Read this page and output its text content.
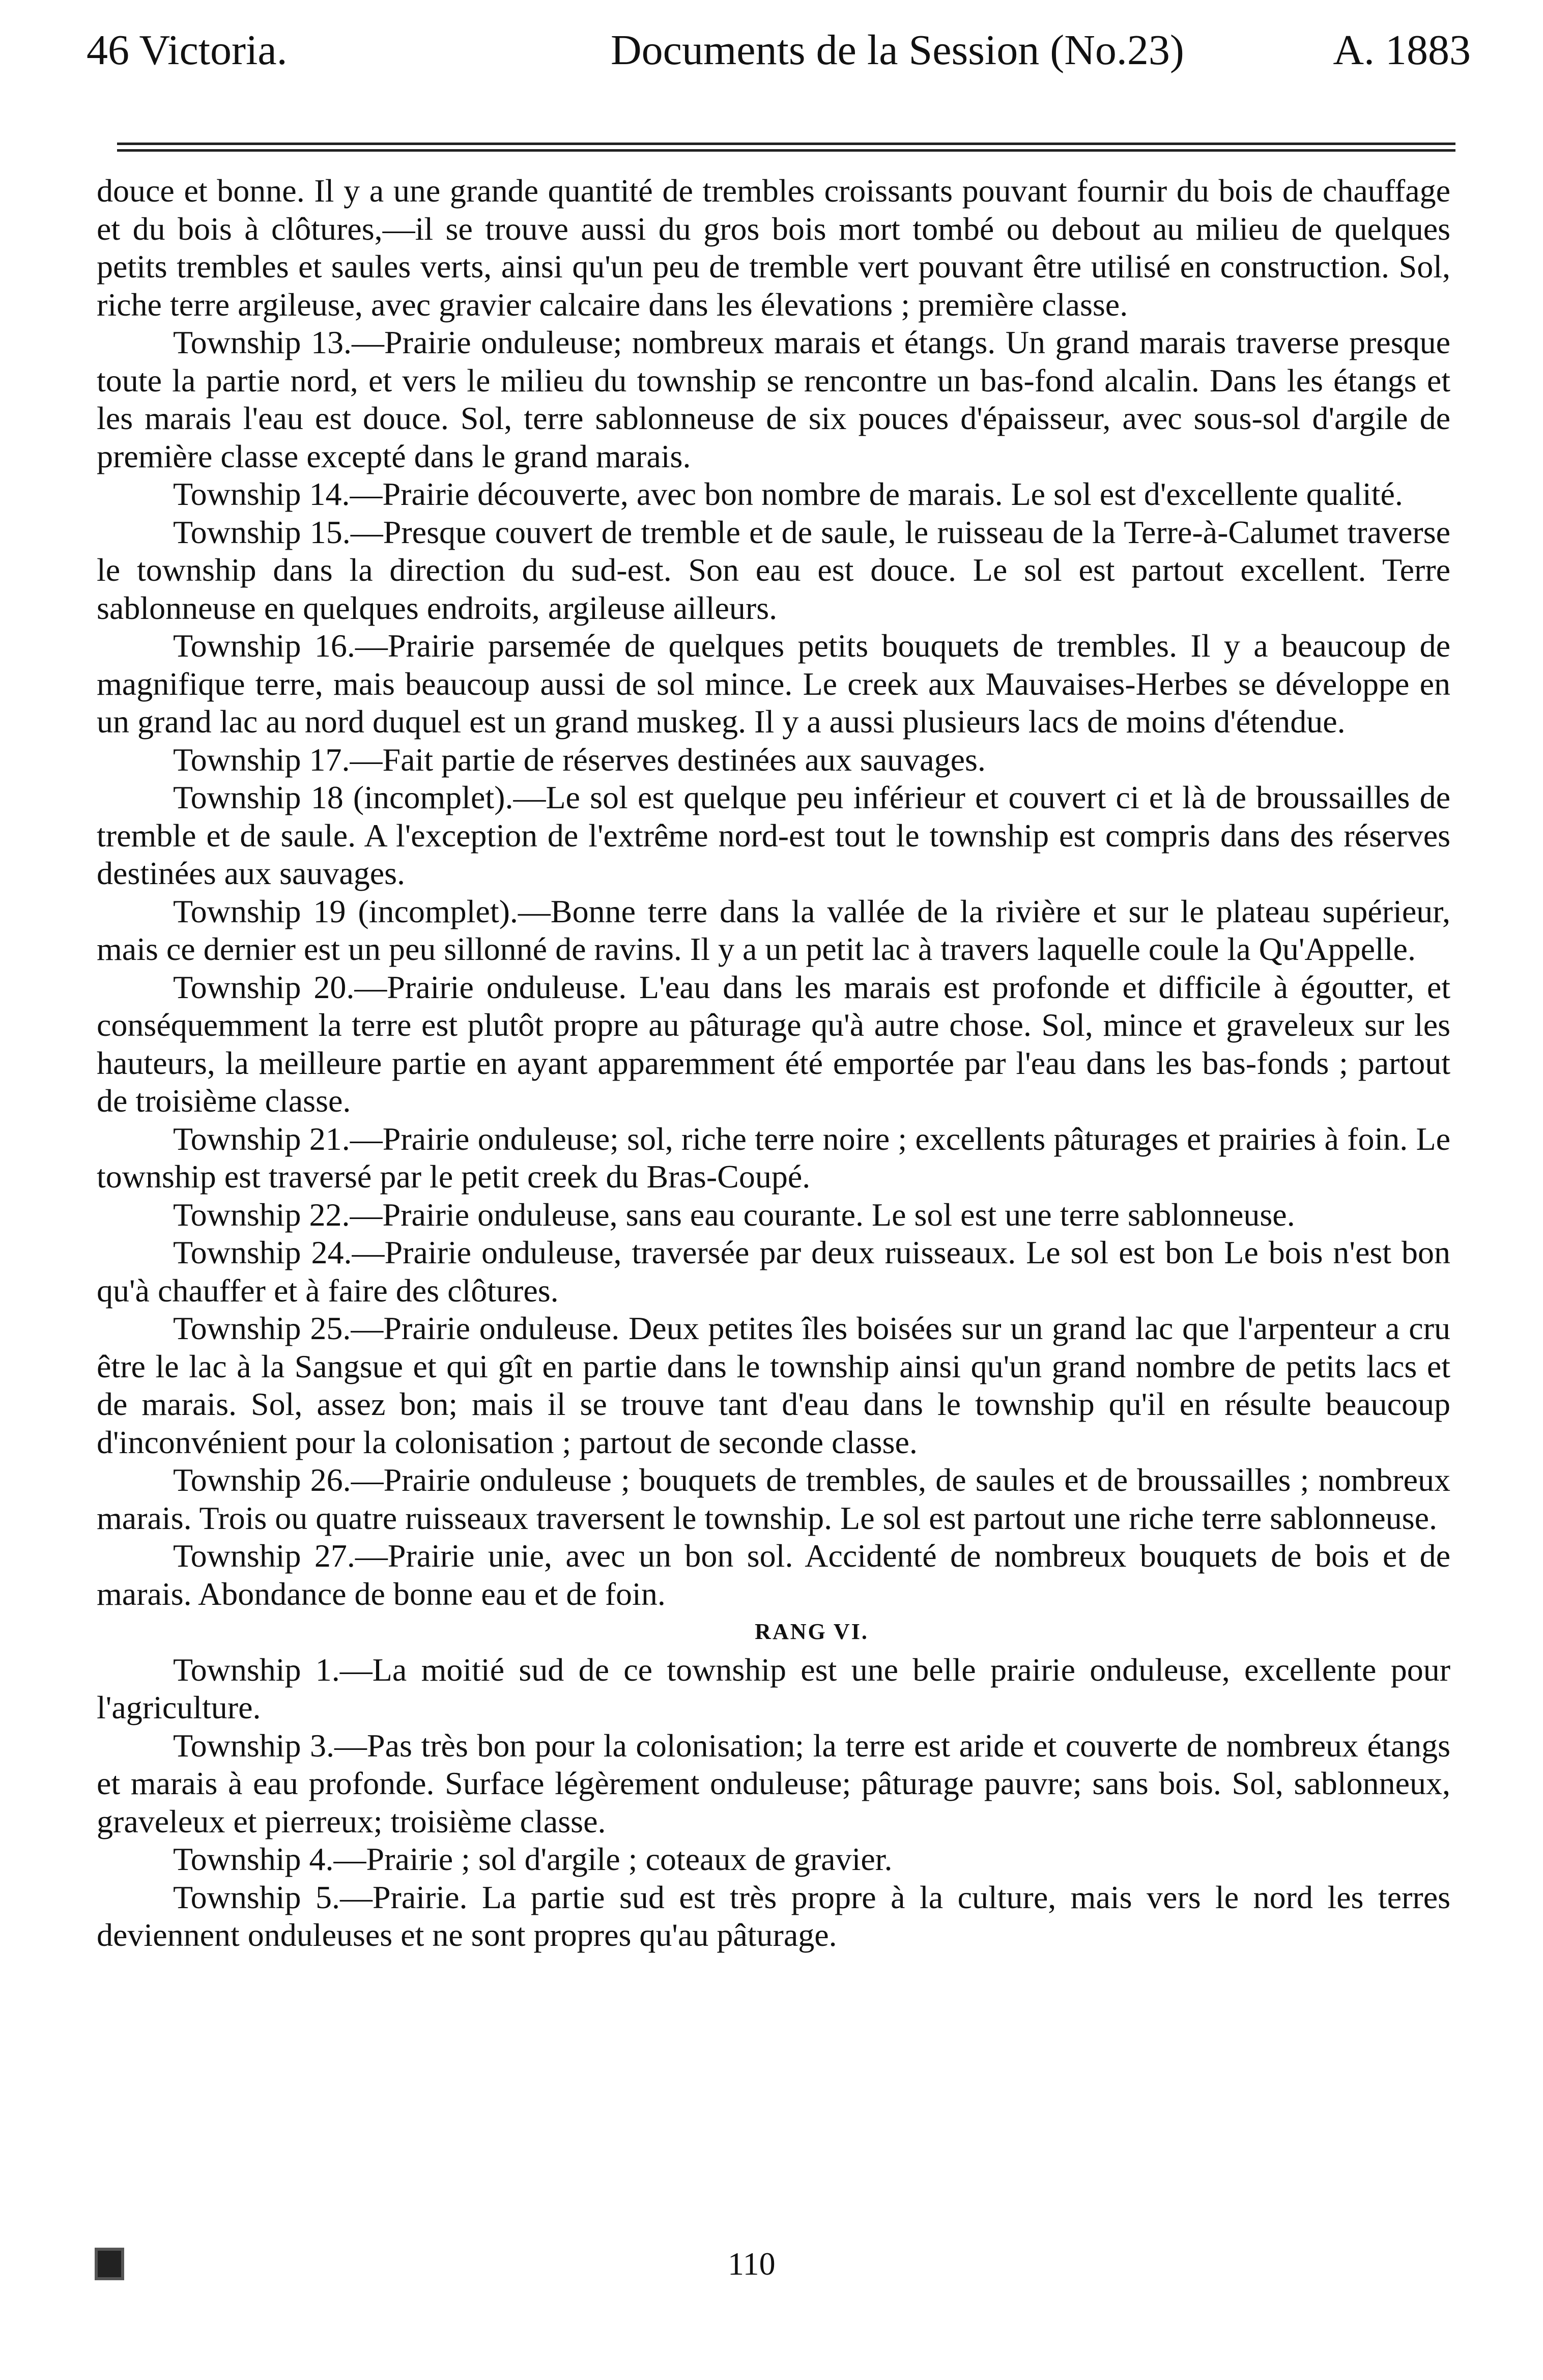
46 Victoria.	Documents de la Session (No.23)	A. 1883

douce et bonne. Il y a une grande quantité de trembles croissants pouvant fournir du bois de chauffage et du bois à clôtures,—il se trouve aussi du gros bois mort tombé ou debout au milieu de quelques petits trembles et saules verts, ainsi qu'un peu de tremble vert pouvant être utilisé en construction. Sol, riche terre argileuse, avec gravier calcaire dans les élevations ; première classe.

Township 13.—Prairie onduleuse; nombreux marais et étangs. Un grand marais traverse presque toute la partie nord, et vers le milieu du township se rencontre un bas-fond alcalin. Dans les étangs et les marais l'eau est douce. Sol, terre sablonneuse de six pouces d'épaisseur, avec sous-sol d'argile de première classe excepté dans le grand marais.

Township 14.—Prairie découverte, avec bon nombre de marais. Le sol est d'excellente qualité.

Township 15.—Presque couvert de tremble et de saule, le ruisseau de la Terre-à-Calumet traverse le township dans la direction du sud-est. Son eau est douce. Le sol est partout excellent. Terre sablonneuse en quelques endroits, argileuse ailleurs.

Township 16.—Prairie parsemée de quelques petits bouquets de trembles. Il y a beaucoup de magnifique terre, mais beaucoup aussi de sol mince. Le creek aux Mauvaises-Herbes se développe en un grand lac au nord duquel est un grand muskeg. Il y a aussi plusieurs lacs de moins d'étendue.

Township 17.—Fait partie de réserves destinées aux sauvages.

Township 18 (incomplet).—Le sol est quelque peu inférieur et couvert ci et là de broussailles de tremble et de saule. A l'exception de l'extrême nord-est tout le township est compris dans des réserves destinées aux sauvages.

Township 19 (incomplet).—Bonne terre dans la vallée de la rivière et sur le plateau supérieur, mais ce dernier est un peu sillonné de ravins. Il y a un petit lac à travers laquelle coule la Qu'Appelle.

Township 20.—Prairie onduleuse. L'eau dans les marais est profonde et difficile à égoutter, et conséquemment la terre est plutôt propre au pâturage qu'à autre chose. Sol, mince et graveleux sur les hauteurs, la meilleure partie en ayant apparemment été emportée par l'eau dans les bas-fonds ; partout de troisième classe.

Township 21.—Prairie onduleuse; sol, riche terre noire ; excellents pâturages et prairies à foin. Le township est traversé par le petit creek du Bras-Coupé.

Township 22.—Prairie onduleuse, sans eau courante. Le sol est une terre sablonneuse.

Township 24.—Prairie onduleuse, traversée par deux ruisseaux. Le sol est bon Le bois n'est bon qu'à chauffer et à faire des clôtures.

Township 25.—Prairie onduleuse. Deux petites îles boisées sur un grand lac que l'arpenteur a cru être le lac à la Sangsue et qui gît en partie dans le township ainsi qu'un grand nombre de petits lacs et de marais. Sol, assez bon; mais il se trouve tant d'eau dans le township qu'il en résulte beaucoup d'inconvénient pour la colonisation ; partout de seconde classe.

Township 26.—Prairie onduleuse ; bouquets de trembles, de saules et de broussailles ; nombreux marais. Trois ou quatre ruisseaux traversent le township. Le sol est partout une riche terre sablonneuse.

Township 27.—Prairie unie, avec un bon sol. Accidenté de nombreux bouquets de bois et de marais. Abondance de bonne eau et de foin.

RANG VI.

Township 1.—La moitié sud de ce township est une belle prairie onduleuse, excellente pour l'agriculture.

Township 3.—Pas très bon pour la colonisation; la terre est aride et couverte de nombreux étangs et marais à eau profonde. Surface légèrement onduleuse; pâturage pauvre; sans bois. Sol, sablonneux, graveleux et pierreux; troisième classe.

Township 4.—Prairie ; sol d'argile ; coteaux de gravier.

Township 5.—Prairie. La partie sud est très propre à la culture, mais vers le nord les terres deviennent onduleuses et ne sont propres qu'au pâturage.

110
